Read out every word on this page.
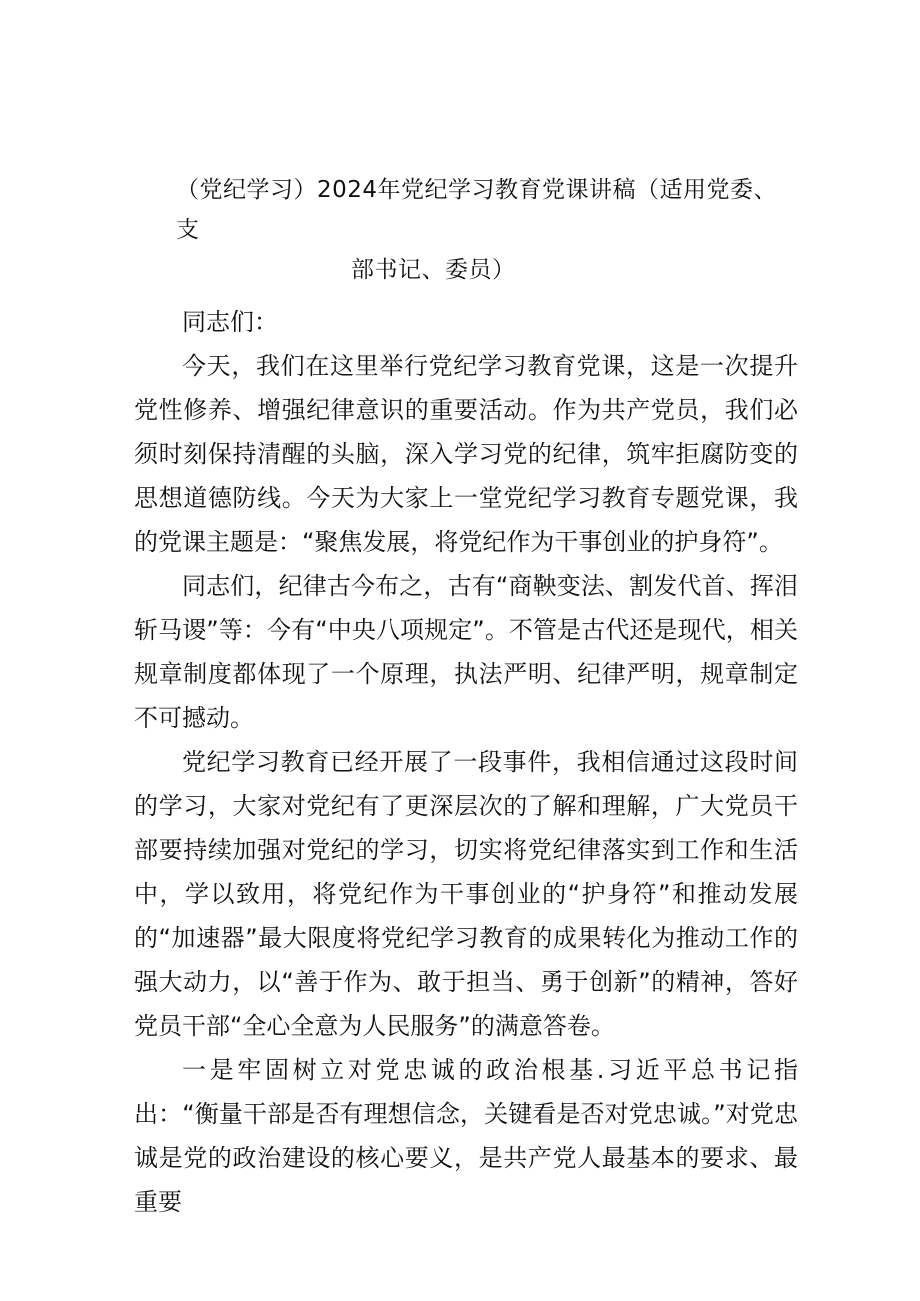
（党纪学习）2024年党纪学习教育党课讲稿（适用党委、支
部书记、委员）

同志们：

今天，我们在这里举行党纪学习教育党课，这是一次提升党性修养、增强纪律意识的重要活动。作为共产党员，我们必须时刻保持清醒的头脑，深入学习党的纪律，筑牢拒腐防变的思想道德防线。今天为大家上一堂党纪学习教育专题党课，我的党课主题是：“聚焦发展，将党纪作为干事创业的护身符”。

同志们，纪律古今布之，古有“商鞅变法、割发代首、挥泪斩马谡”等：今有“中央八项规定”。不管是古代还是现代，相关规章制度都体现了一个原理，执法严明、纪律严明，规章制定不可撼动。

党纪学习教育已经开展了一段事件，我相信通过这段时间的学习，大家对党纪有了更深层次的了解和理解，广大党员干部要持续加强对党纪的学习，切实将党纪律落实到工作和生活中，学以致用，将党纪作为干事创业的“护身符”和推动发展的“加速器”最大限度将党纪学习教育的成果转化为推动工作的强大动力，以“善于作为、敢于担当、勇于创新”的精神，答好党员干部“全心全意为人民服务”的满意答卷。

一是牢固树立对党忠诚的政治根基.习近平总书记指出：“衡量干部是否有理想信念，关键看是否对党忠诚。”对党忠诚是党的政治建设的核心要义，是共产党人最基本的要求、最重要
